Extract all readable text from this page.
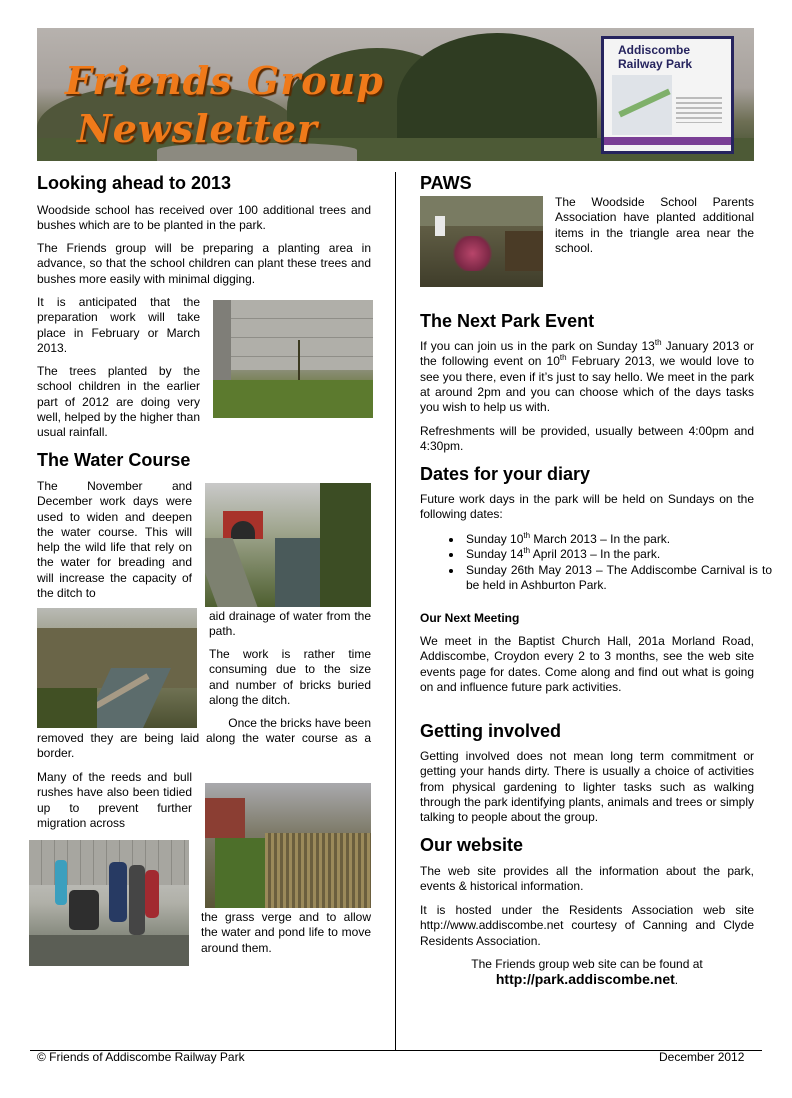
Friends Group
Newsletter
Addiscombe
Railway Park
Looking ahead to 2013

Woodside school has received over 100 additional trees and bushes which are to be planted in the park.

The Friends group will be preparing a planting area in advance, so that the school children can plant these trees and bushes more easily with minimal digging.

It is anticipated that the preparation work will take place in February or March 2013.

The trees planted by the school children in the earlier part of 2012 are doing very well, helped by the higher than usual rainfall.

The Water Course

The November and December work days were used to widen and deepen the water course. This will help the wild life that rely on the water for breading and will increase the capacity of the ditch to

aid drainage of water from the path.

The work is rather time consuming due to the size and number of bricks buried along the ditch.

Once the bricks have been

removed they are being laid along the water course as a border.

Many of the reeds and bull rushes have also been tidied up to prevent further migration across

the grass verge and to allow the water and pond life to move around them.

PAWS

The Woodside School Parents Association have planted additional items in the triangle area near the school.

The Next Park Event

If you can join us in the park on Sunday 13th January 2013 or the following event on 10th February 2013, we would love to see you there, even if it’s just to say hello. We meet in the park at around 2pm and you can choose which of the days tasks you wish to help us with.

Refreshments will be provided, usually between 4:00pm and 4:30pm.

Dates for your diary

Future work days in the park will be held on Sundays on the following dates:

• Sunday 10th March 2013 – In the park.
• Sunday 14th April 2013 – In the park.
• Sunday 26th May 2013 – The Addiscombe Carnival is to be held in Ashburton Park.
Our Next Meeting

We meet in the Baptist Church Hall, 201a Morland Road, Addiscombe, Croydon every 2 to 3 months, see the web site events page for dates. Come along and find out what is going on and influence future park activities.

Getting involved

Getting involved does not mean long term commitment or getting your hands dirty. There is usually a choice of activities from physical gardening to lighter tasks such as walking through the park identifying plants, animals and trees or simply talking to people about the group.

Our website

The web site provides all the information about the park, events & historical information.

It is hosted under the Residents Association web site http://www.addiscombe.net courtesy of Canning and Clyde Residents Association.

The Friends group web site can be found at

http://park.addiscombe.net.

© Friends of Addiscombe Railway Park	December 2012
